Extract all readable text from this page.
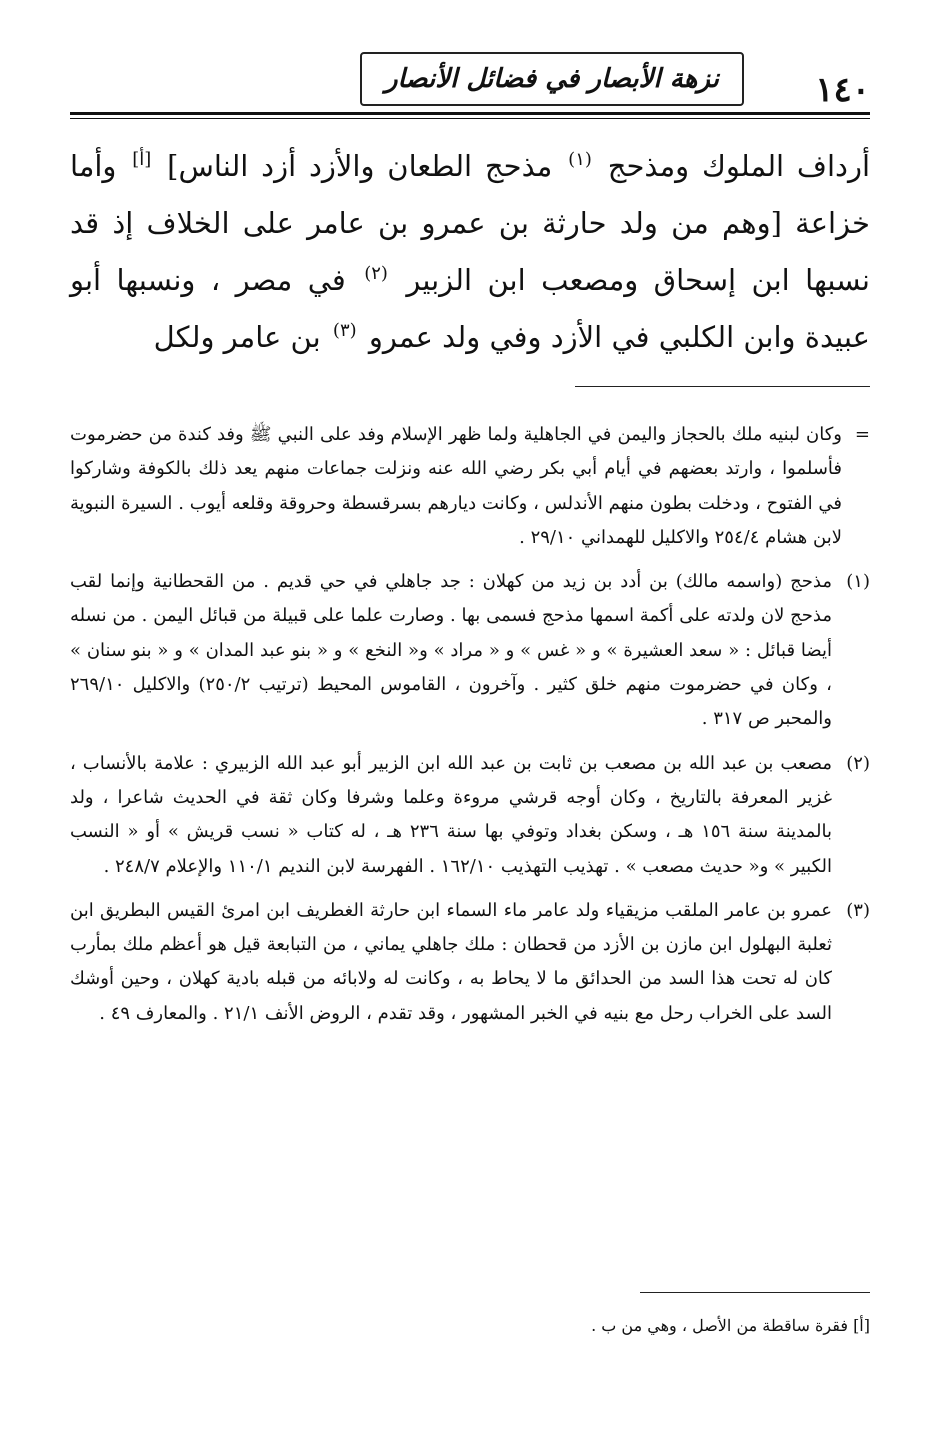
١٤٠
نزهة الأبصار في فضائل الأنصار

أرداف الملوك ومذحج $^{(١)}$ مذحج الطعان والأزد أزد الناس] [أ] وأما خزاعة [وهم من ولد حارثة بن عمرو بن عامر على الخلاف إذ قد نسبها ابن إسحاق ومصعب ابن الزبير $^{(٢)}$ في مصر ، ونسبها أبو عبيدة وابن الكلبي في الأزد وفي ولد عمرو $^{(٣)}$ بن عامر ولكل

=
وكان لبنيه ملك بالحجاز واليمن في الجاهلية ولما ظهر الإسلام وفد على النبي ﷺ وفد كندة من حضرموت فأسلموا ، وارتد بعضهم في أيام أبي بكر رضي الله عنه ونزلت جماعات منهم يعد ذلك بالكوفة وشاركوا في الفتوح ، ودخلت بطون منهم الأندلس ، وكانت ديارهم بسرقسطة وحروقة وقلعه أيوب . السيرة النبوية لابن هشام ٢٥٤/٤ والاكليل للهمداني ٢٩/١٠ .
(١)
مذحج (واسمه مالك) بن أدد بن زيد من كهلان : جد جاهلي في حي قديم . من القحطانية وإنما لقب مذحج لان ولدته على أكمة اسمها مذحج فسمى بها . وصارت علما على قبيلة من قبائل اليمن . من نسله أيضا قبائل : « سعد العشيرة » و « غس » و « مراد » و« النخع » و « بنو عبد المدان » و « بنو سنان » ، وكان في حضرموت منهم خلق كثير . وآخرون ، القاموس المحيط (ترتيب ٢٥٠/٢) والاكليل ٢٦٩/١٠ والمحبر ص ٣١٧ .
(٢)
مصعب بن عبد الله بن مصعب بن ثابت بن عبد الله ابن الزبير أبو عبد الله الزبيري : علامة بالأنساب ، غزير المعرفة بالتاريخ ، وكان أوجه قرشي مروءة وعلما وشرفا وكان ثقة في الحديث شاعرا ، ولد بالمدينة سنة ١٥٦ هـ ، وسكن بغداد وتوفي بها سنة ٢٣٦ هـ ، له كتاب « نسب قريش » أو « النسب الكبير » و« حديث مصعب » . تهذيب التهذيب ١٦٢/١٠ . الفهرسة لابن النديم ١١٠/١ والإعلام ٢٤٨/٧ .
(٣)
عمرو بن عامر الملقب مزيقياء ولد عامر ماء السماء ابن حارثة الغطريف ابن امرئ القيس البطريق ابن ثعلبة البهلول ابن مازن بن الأزد من قحطان : ملك جاهلي يماني ، من التبابعة قيل هو أعظم ملك بمأرب كان له تحت هذا السد من الحدائق ما لا يحاط به ، وكانت له ولابائه من قبله بادية كهلان ، وحين أوشك السد على الخراب رحل مع بنيه في الخبر المشهور ، وقد تقدم ، الروض الأنف ٢١/١ . والمعارف ٤٩ .
[أ] فقرة ساقطة من الأصل ، وهي من ب .
